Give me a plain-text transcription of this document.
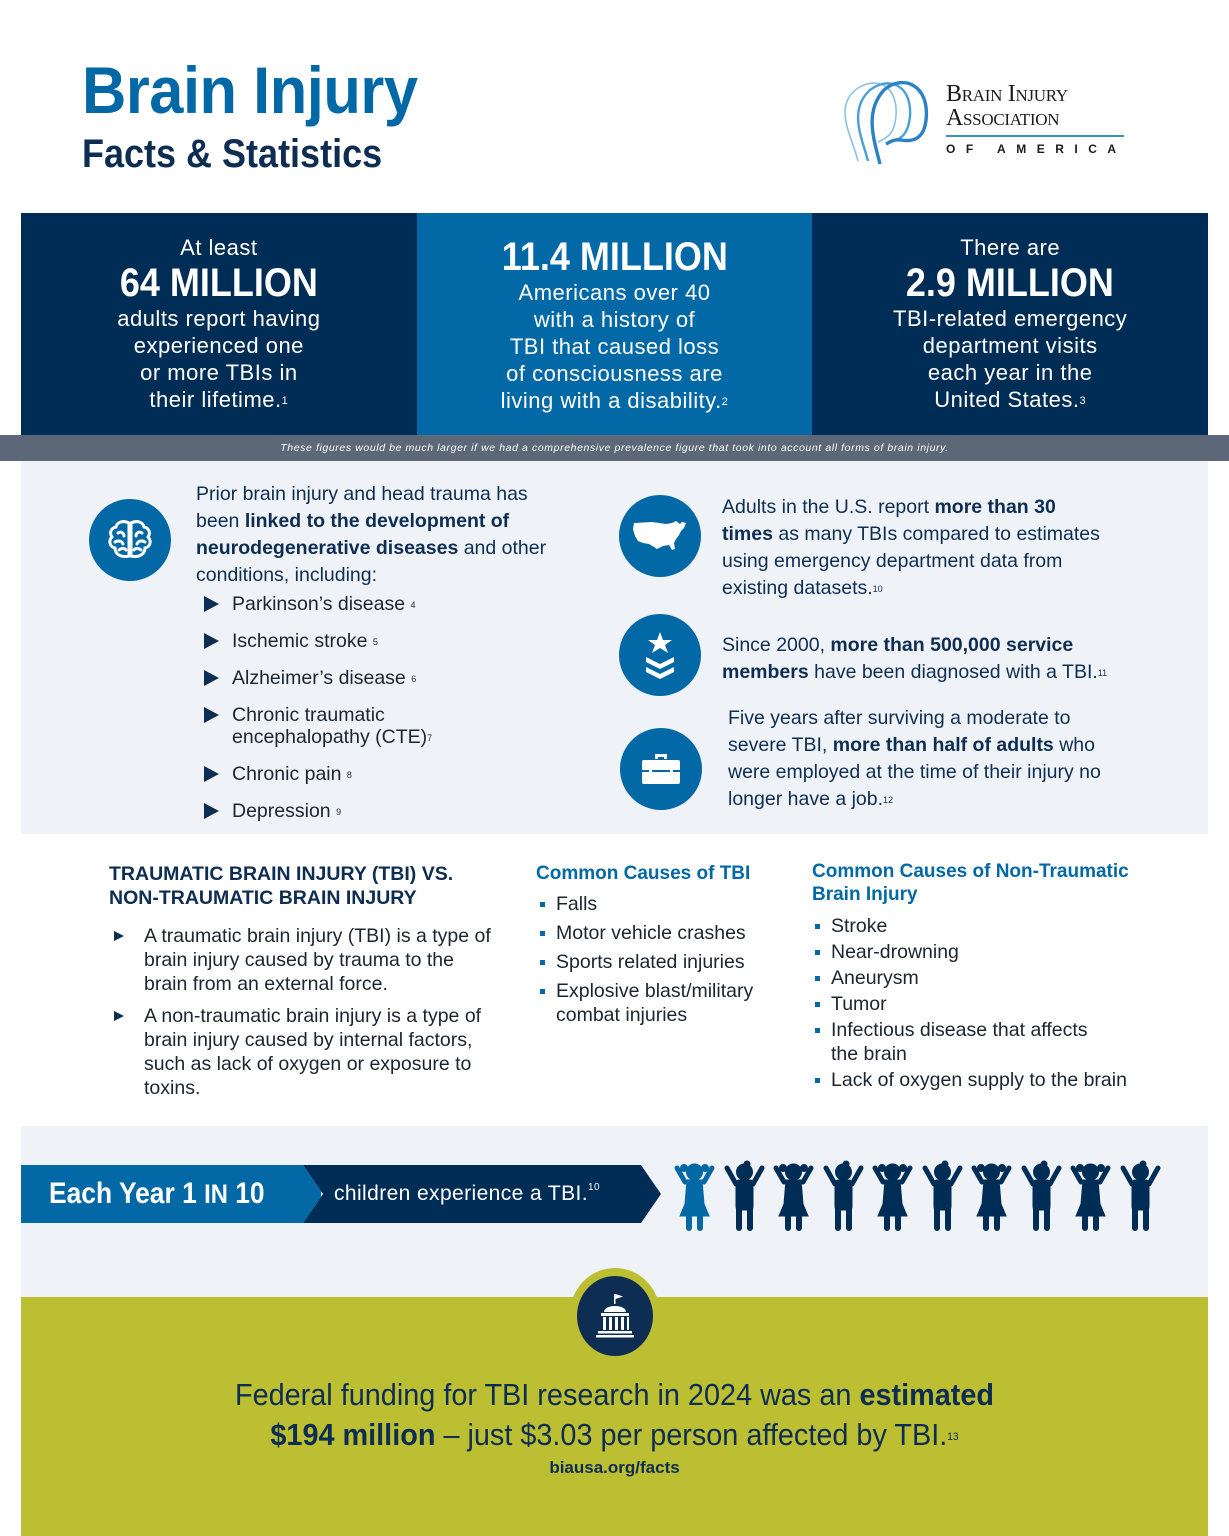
Brain Injury
Facts & Statistics
Brain Injury
Association
OF AMERICA
At least
64 MILLION
adults report having
experienced one
or more TBIs in
their lifetime.$^1$
11.4 MILLION
Americans over 40
with a history of
TBI that caused loss
of consciousness are
living with a disability.$^2$
There are
2.9 MILLION
TBI-related emergency
department visits
each year in the
United States.$^3$
These figures would be much larger if we had a comprehensive prevalence figure that took into account all forms of brain injury.
Prior brain injury and head trauma has been linked to the development of neurodegenerative diseases and other conditions, including:
Parkinson’s disease $^4$
Ischemic stroke $^5$
Alzheimer’s disease $^6$
Chronic traumatic encephalopathy (CTE)$^7$
Chronic pain $^8$
Depression $^9$
Adults in the U.S. report more than 30 times as many TBIs compared to estimates using emergency department data from existing datasets.$^{10}$
Since 2000, more than 500,000 service members have been diagnosed with a TBI.$^{11}$
Five years after surviving a moderate to severe TBI, more than half of adults who were employed at the time of their injury no longer have a job.$^{12}$
TRAUMATIC BRAIN INJURY (TBI) VS.
NON-TRAUMATIC BRAIN INJURY
A traumatic brain injury (TBI) is a type of brain injury caused by trauma to the brain from an external force.
A non-traumatic brain injury is a type of brain injury caused by internal factors, such as lack of oxygen or exposure to toxins.
Common Causes of TBI
Falls
Motor vehicle crashes
Sports related injuries
Explosive blast/military combat injuries
Common Causes of Non-Traumatic Brain Injury
Stroke
Near-drowning
Aneurysm
Tumor
Infectious disease that affects the brain
Lack of oxygen supply to the brain
Each Year 1 IN 10	children experience a TBI.$^{10}$
Federal funding for TBI research in 2024 was an estimated
$194 million – just $3.03 per person affected by TBI.$^{13}$
biausa.org/facts
